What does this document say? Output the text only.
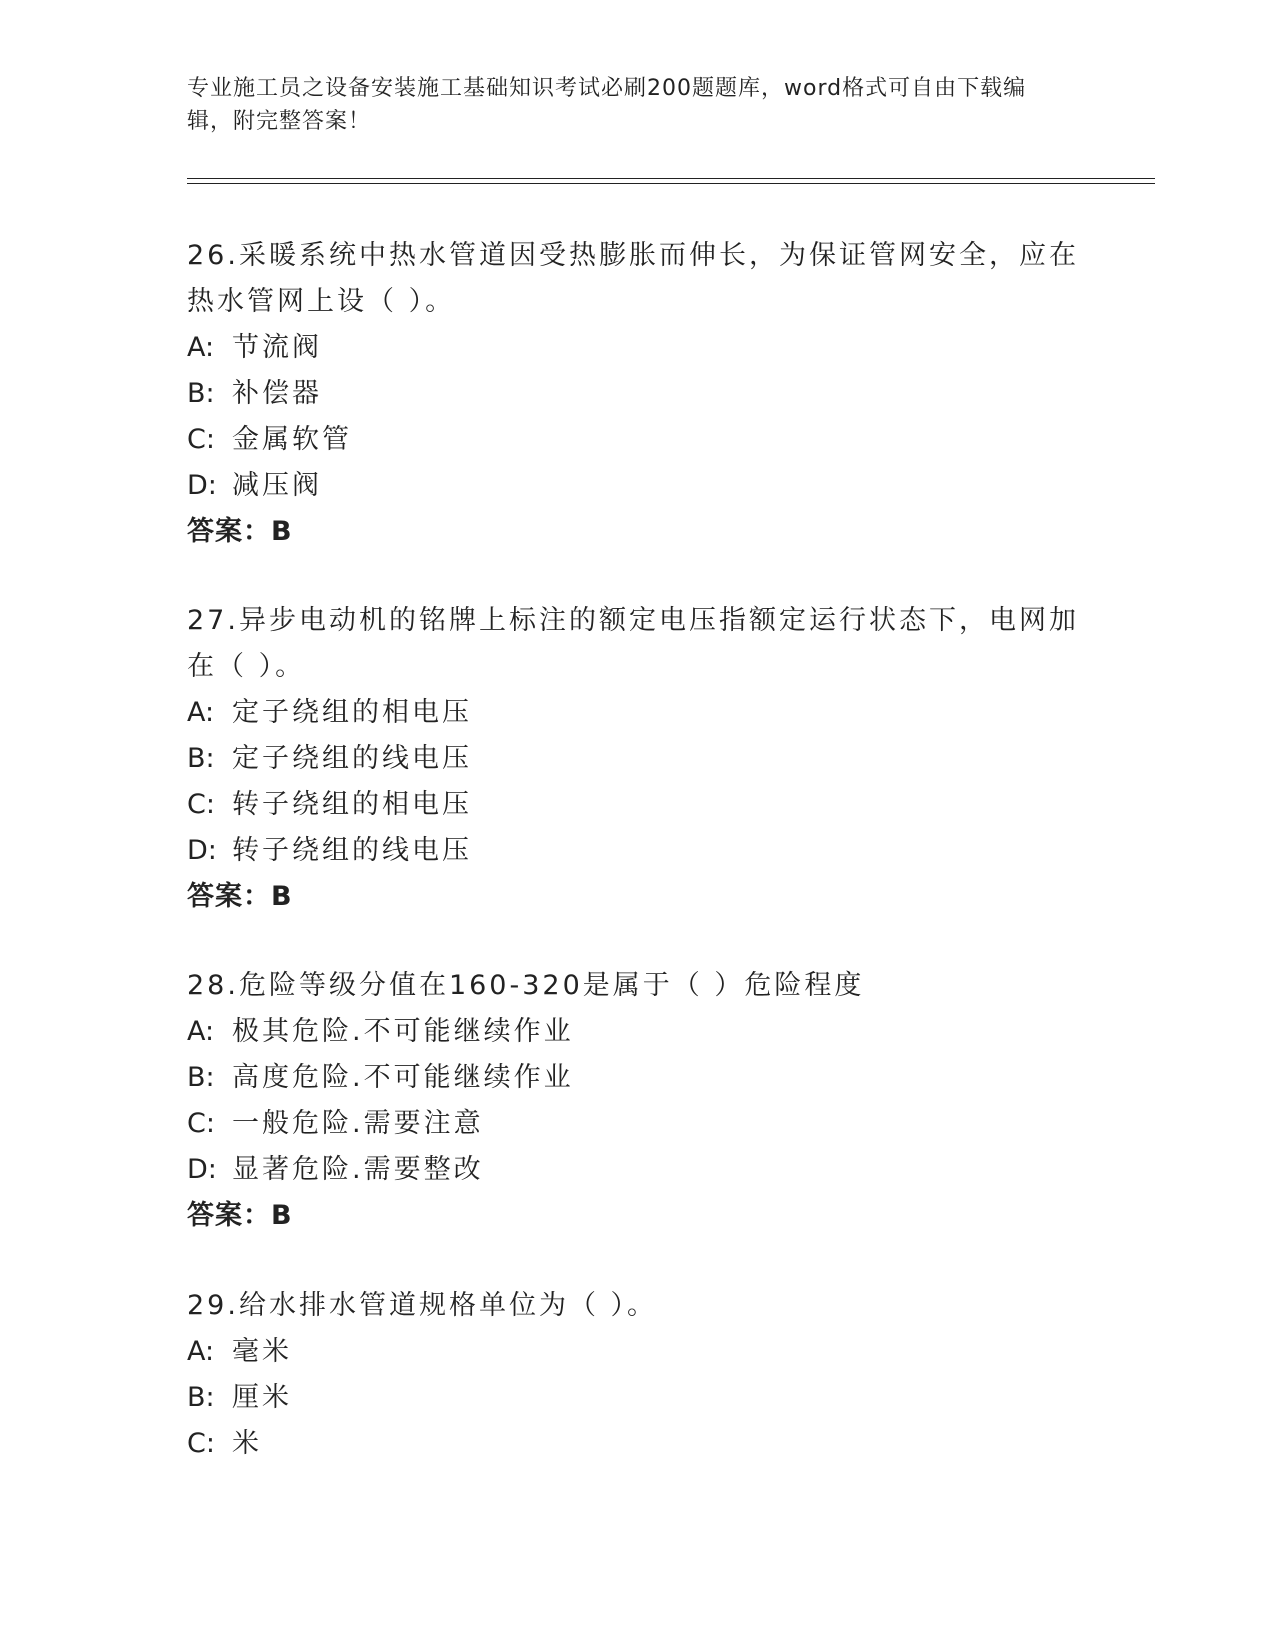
专业施工员之设备安装施工基础知识考试必刷200题题库，word格式可自由下载编辑，附完整答案！
26.采暖系统中热水管道因受热膨胀而伸长，为保证管网安全，应在热水管网上设（ ）。
A: 节流阀
B: 补偿器
C: 金属软管
D: 减压阀
答案：B
27.异步电动机的铭牌上标注的额定电压指额定运行状态下，电网加在（ ）。
A: 定子绕组的相电压
B: 定子绕组的线电压
C: 转子绕组的相电压
D: 转子绕组的线电压
答案：B
28.危险等级分值在160-320是属于（ ）危险程度
A: 极其危险.不可能继续作业
B: 高度危险.不可能继续作业
C: 一般危险.需要注意
D: 显著危险.需要整改
答案：B
29.给水排水管道规格单位为（ ）。
A: 毫米
B: 厘米
C: 米
